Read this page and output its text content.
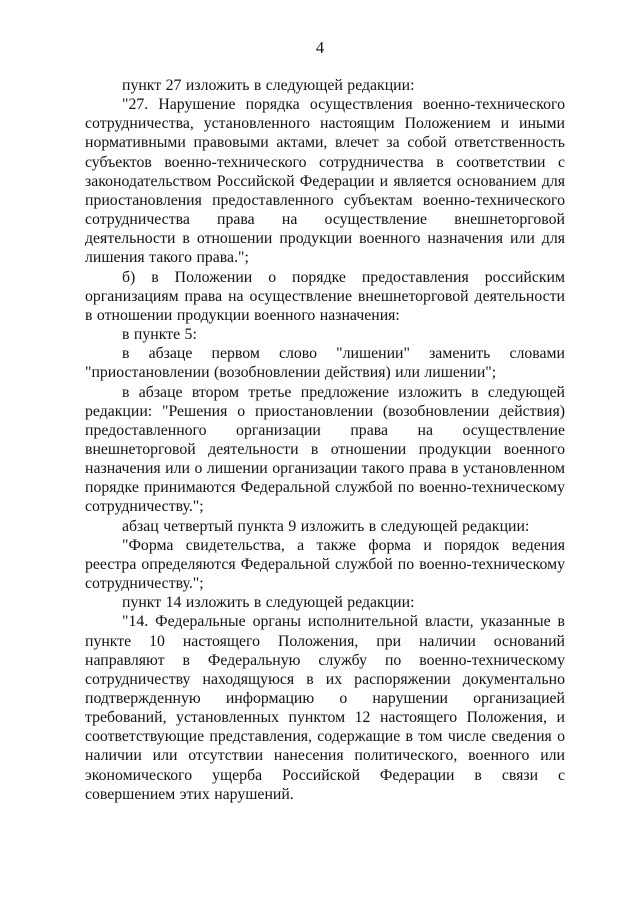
4

пункт 27 изложить в следующей редакции:

"27. Нарушение порядка осуществления военно-технического сотрудничества, установленного настоящим Положением и иными нормативными правовыми актами, влечет за собой ответственность субъектов военно-технического сотрудничества в соответствии с законодательством Российской Федерации и является основанием для приостановления предоставленного субъектам военно-технического сотрудничества права на осуществление внешнеторговой деятельности в отношении продукции военного назначения или для лишения такого права.";

б) в Положении о порядке предоставления российским организациям права на осуществление внешнеторговой деятельности в отношении продукции военного назначения:

в пункте 5:

в абзаце первом слово "лишении" заменить словами "приостановлении (возобновлении действия) или лишении";

в абзаце втором третье предложение изложить в следующей редакции: "Решения о приостановлении (возобновлении действия) предоставленного организации права на осуществление внешнеторговой деятельности в отношении продукции военного назначения или о лишении организации такого права в установленном порядке принимаются Федеральной службой по военно-техническому сотрудничеству.";

абзац четвертый пункта 9 изложить в следующей редакции:

"Форма свидетельства, а также форма и порядок ведения реестра определяются Федеральной службой по военно-техническому сотрудничеству.";

пункт 14 изложить в следующей редакции:

"14. Федеральные органы исполнительной власти, указанные в пункте 10 настоящего Положения, при наличии оснований направляют в Федеральную службу по военно-техническому сотрудничеству находящуюся в их распоряжении документально подтвержденную информацию о нарушении организацией требований, установленных пунктом 12 настоящего Положения, и соответствующие представления, содержащие в том числе сведения о наличии или отсутствии нанесения политического, военного или экономического ущерба Российской Федерации в связи с совершением этих нарушений.
